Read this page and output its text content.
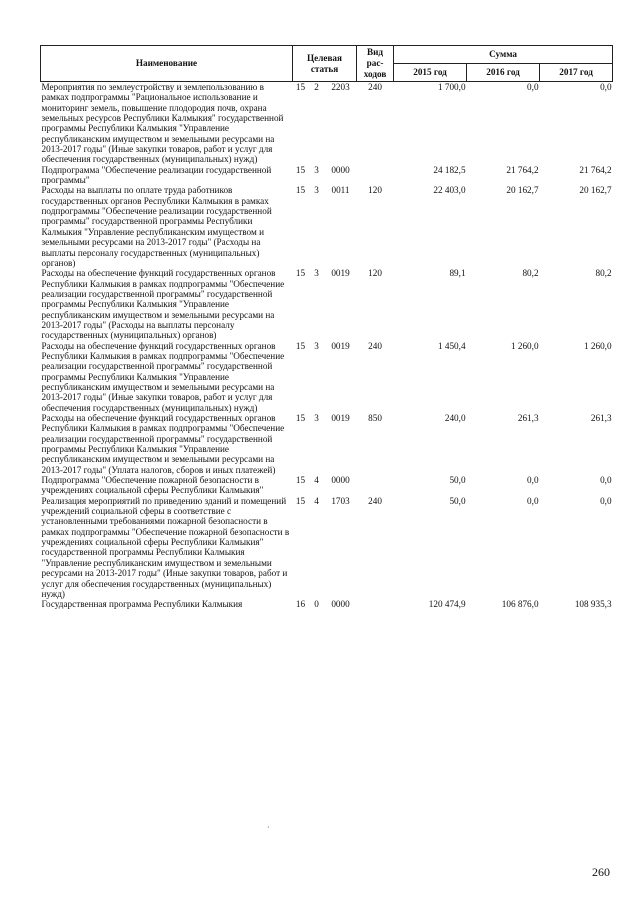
Наименование	Целевая статья			Вид рас-ходов	Сумма		
					2015 год	2016 год	2017 год
Мероприятия по землеустройству и землепользованию в рамках подпрограммы "Рациональное использование и мониторинг земель, повышение плодородия почв, охрана земельных ресурсов Республики Калмыкия" государственной программы Республики Калмыкия "Управление республиканским имуществом и земельными ресурсами на 2013-2017 годы" (Иные закупки товаров, работ и услуг для обеспечения государственных (муниципальных) нужд)	15	2	2203	240	1 700,0	0,0	0,0
Подпрограмма "Обеспечение реализации государственной программы"	15	3	0000		24 182,5	21 764,2	21 764,2
Расходы на выплаты по оплате труда работников государственных органов Республики Калмыкия в рамках подпрограммы "Обеспечение реализации государственной программы" государственной программы Республики Калмыкия "Управление республиканским имуществом и земельными ресурсами на 2013-2017 годы" (Расходы на выплаты персоналу государственных (муниципальных) органов)	15	3	0011	120	22 403,0	20 162,7	20 162,7
Расходы на обеспечение функций государственных органов Республики Калмыкия в рамках подпрограммы "Обеспечение реализации государственной программы" государственной программы Республики Калмыкия "Управление республиканским имуществом и земельными ресурсами на 2013-2017 годы" (Расходы на выплаты персоналу государственных (муниципальных) органов)	15	3	0019	120	89,1	80,2	80,2
Расходы на обеспечение функций государственных органов Республики Калмыкия в рамках подпрограммы "Обеспечение реализации государственной программы" государственной программы Республики Калмыкия "Управление республиканским имуществом и земельными ресурсами на 2013-2017 годы" (Иные закупки товаров, работ и услуг для обеспечения государственных (муниципальных) нужд)	15	3	0019	240	1 450,4	1 260,0	1 260,0
Расходы на обеспечение функций государственных органов Республики Калмыкия в рамках подпрограммы "Обеспечение реализации государственной программы" государственной программы Республики Калмыкия "Управление республиканским имуществом и земельными ресурсами на 2013-2017 годы" (Уплата налогов, сборов и иных платежей)	15	3	0019	850	240,0	261,3	261,3
Подпрограмма "Обеспечение пожарной безопасности в учреждениях социальной сферы Республики Калмыкия"	15	4	0000		50,0	0,0	0,0
Реализация мероприятий по приведению зданий и помещений учреждений социальной сферы в соответствие с установленными требованиями пожарной безопасности в рамках подпрограммы "Обеспечение пожарной безопасности в учреждениях социальной сферы Республики Калмыкия" государственной программы Республики Калмыкия "Управление республиканским имуществом и земельными ресурсами на 2013-2017 годы" (Иные закупки товаров, работ и услуг для обеспечения государственных (муниципальных) нужд)	15	4	1703	240	50,0	0,0	0,0
Государственная программа Республики Калмыкия	16	0	0000		120 474,9	106 876,0	108 935,3
·
260
